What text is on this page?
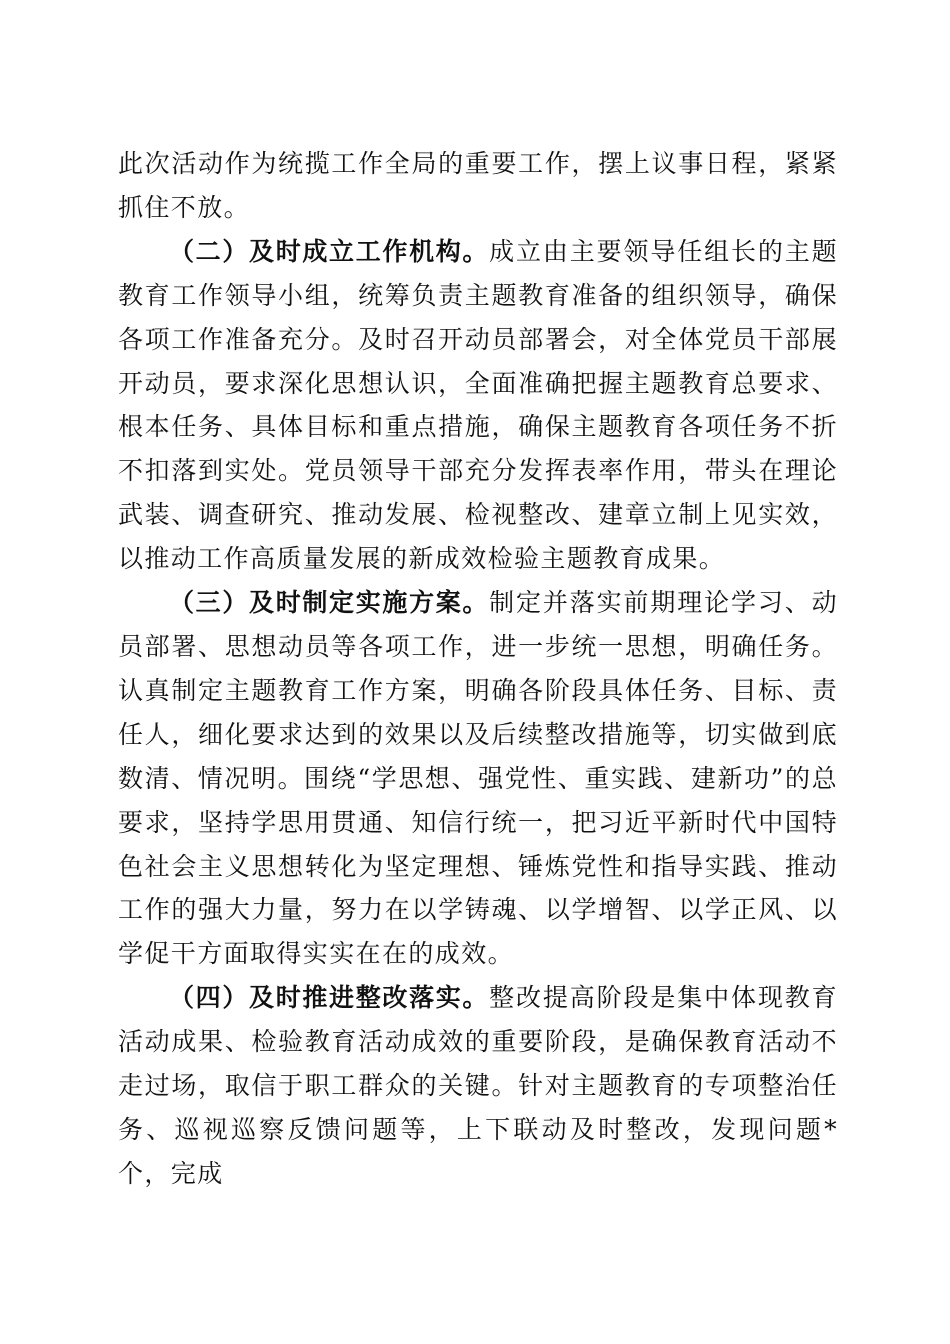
此次活动作为统揽工作全局的重要工作，摆上议事日程，紧紧抓住不放。

（二）及时成立工作机构。成立由主要领导任组长的主题教育工作领导小组，统筹负责主题教育准备的组织领导，确保各项工作准备充分。及时召开动员部署会，对全体党员干部展开动员，要求深化思想认识，全面准确把握主题教育总要求、根本任务、具体目标和重点措施，确保主题教育各项任务不折不扣落到实处。党员领导干部充分发挥表率作用，带头在理论武装、调查研究、推动发展、检视整改、建章立制上见实效，以推动工作高质量发展的新成效检验主题教育成果。

（三）及时制定实施方案。制定并落实前期理论学习、动员部署、思想动员等各项工作，进一步统一思想，明确任务。认真制定主题教育工作方案，明确各阶段具体任务、目标、责任人，细化要求达到的效果以及后续整改措施等，切实做到底数清、情况明。围绕“学思想、强党性、重实践、建新功”的总要求，坚持学思用贯通、知信行统一，把习近平新时代中国特色社会主义思想转化为坚定理想、锤炼党性和指导实践、推动工作的强大力量，努力在以学铸魂、以学增智、以学正风、以学促干方面取得实实在在的成效。

（四）及时推进整改落实。整改提高阶段是集中体现教育活动成果、检验教育活动成效的重要阶段，是确保教育活动不走过场，取信于职工群众的关键。针对主题教育的专项整治任务、巡视巡察反馈问题等，上下联动及时整改，发现问题*个，完成
